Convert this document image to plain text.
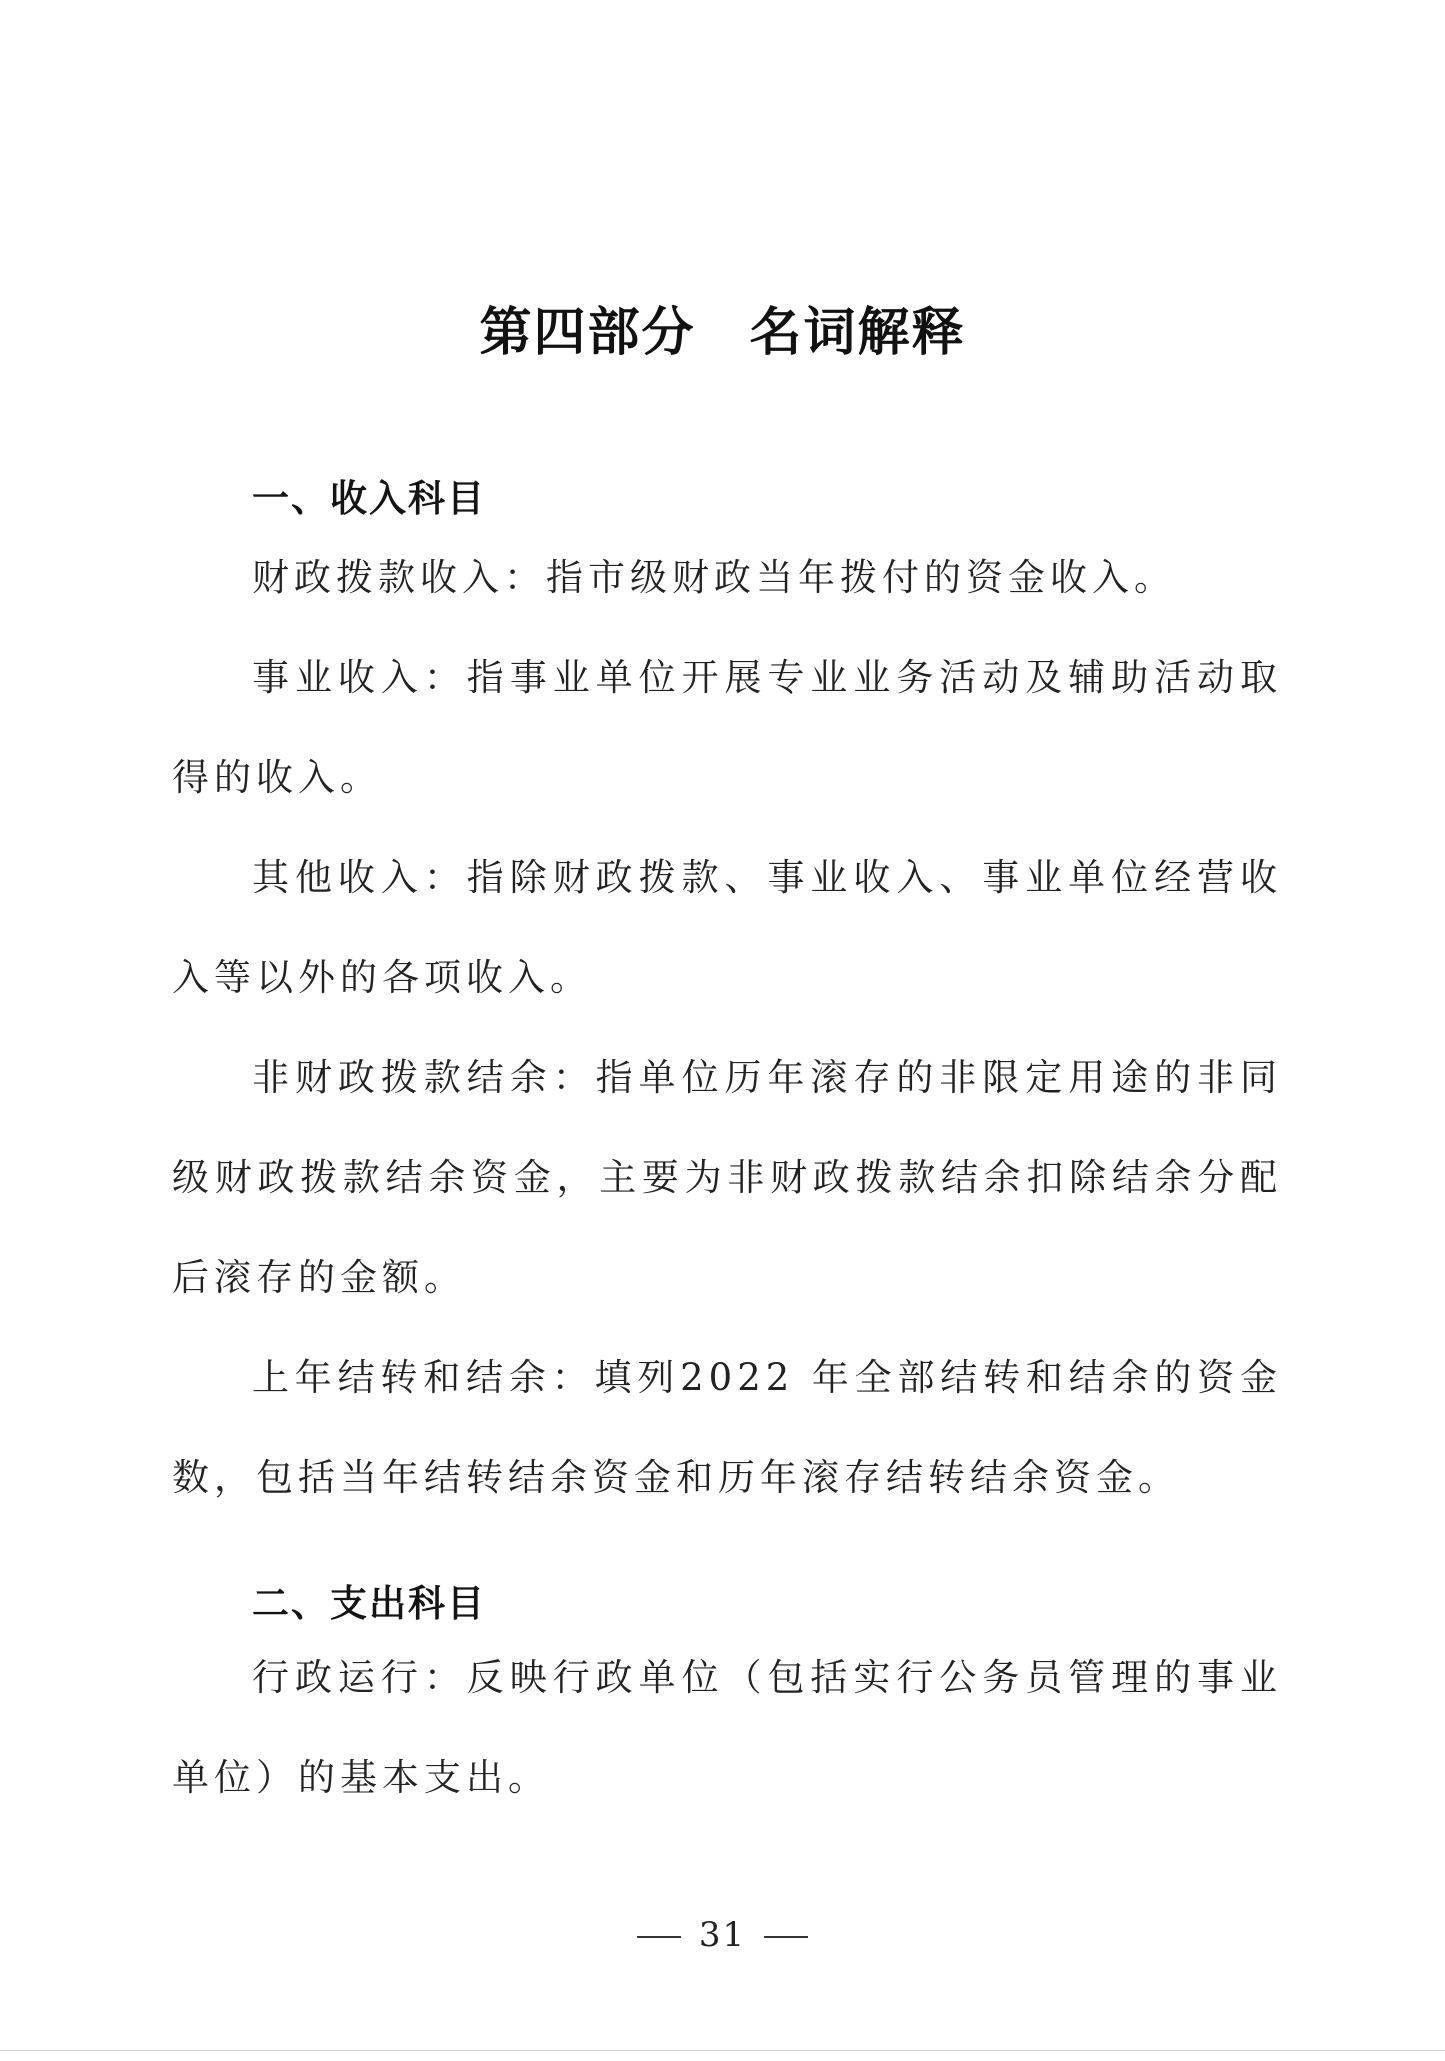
第四部分　名词解释
一、收入科目

财政拨款收入：指市级财政当年拨付的资金收入。

事业收入：指事业单位开展专业业务活动及辅助活动取得的收入。

其他收入：指除财政拨款、事业收入、事业单位经营收入等以外的各项收入。

非财政拨款结余：指单位历年滚存的非限定用途的非同级财政拨款结余资金，主要为非财政拨款结余扣除结余分配后滚存的金额。

上年结转和结余：填列2022 年全部结转和结余的资金数，包括当年结转结余资金和历年滚存结转结余资金。

二、支出科目

行政运行：反映行政单位（包括实行公务员管理的事业单位）的基本支出。

31
